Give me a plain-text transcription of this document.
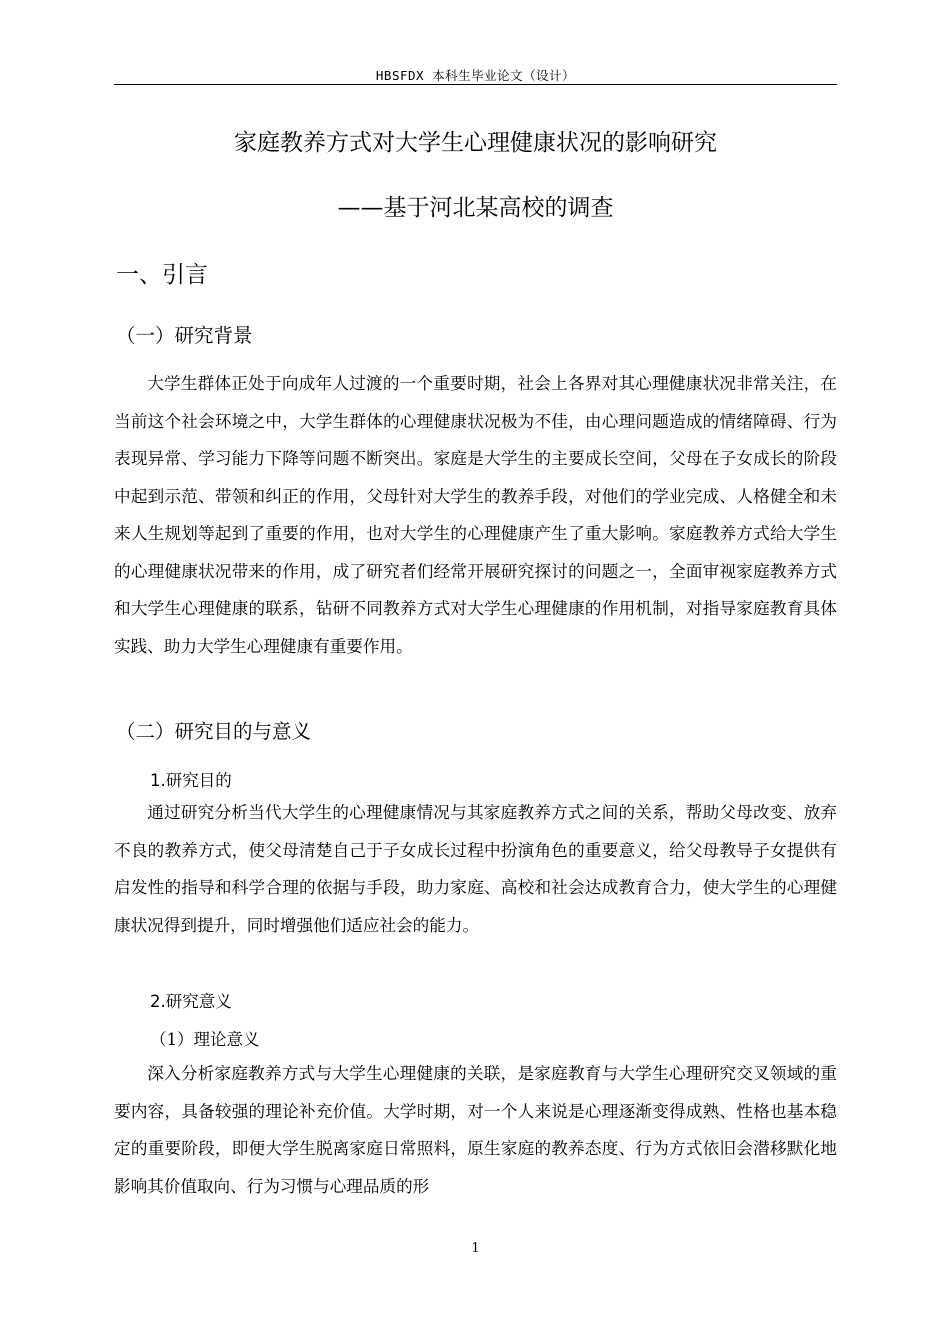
HBSFDX 本科生毕业论文（设计）
家庭教养方式对大学生心理健康状况的影响研究
——基于河北某高校的调查
一、引言
（一）研究背景

大学生群体正处于向成年人过渡的一个重要时期，社会上各界对其心理健康状况非常关注，在当前这个社会环境之中，大学生群体的心理健康状况极为不佳，由心理问题造成的情绪障碍、行为表现异常、学习能力下降等问题不断突出。家庭是大学生的主要成长空间，父母在子女成长的阶段中起到示范、带领和纠正的作用，父母针对大学生的教养手段，对他们的学业完成、人格健全和未来人生规划等起到了重要的作用，也对大学生的心理健康产生了重大影响。家庭教养方式给大学生的心理健康状况带来的作用，成了研究者们经常开展研究探讨的问题之一，全面审视家庭教养方式和大学生心理健康的联系，钻研不同教养方式对大学生心理健康的作用机制，对指导家庭教育具体实践、助力大学生心理健康有重要作用。

（二）研究目的与意义
1.研究目的

通过研究分析当代大学生的心理健康情况与其家庭教养方式之间的关系，帮助父母改变、放弃不良的教养方式，使父母清楚自己于子女成长过程中扮演角色的重要意义，给父母教导子女提供有启发性的指导和科学合理的依据与手段，助力家庭、高校和社会达成教育合力，使大学生的心理健康状况得到提升，同时增强他们适应社会的能力。

2.研究意义
（1）理论意义

深入分析家庭教养方式与大学生心理健康的关联，是家庭教育与大学生心理研究交叉领域的重要内容，具备较强的理论补充价值。大学时期，对一个人来说是心理逐渐变得成熟、性格也基本稳定的重要阶段，即便大学生脱离家庭日常照料，原生家庭的教养态度、行为方式依旧会潜移默化地影响其价值取向、行为习惯与心理品质的形

1
